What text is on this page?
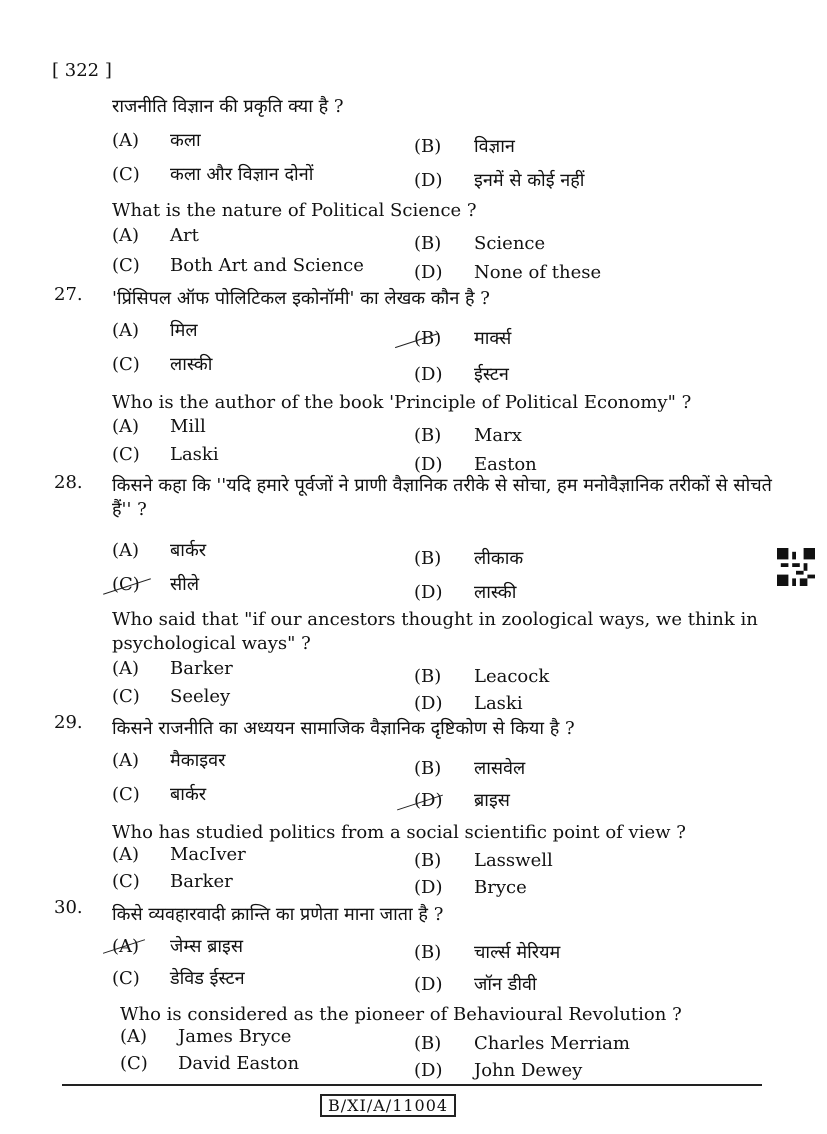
[ 322 ]
राजनीति विज्ञान की प्रकृति क्या है ?
(A) कला	(B) विज्ञान
(C) कला और विज्ञान दोनों	(D) इनमें से कोई नहीं
What is the nature of Political Science ?
(A) Art	(B) Science
(C) Both Art and Science	(D) None of these
27. 'प्रिंसिपल ऑफ पोलिटिकल इकोनॉमी' का लेखक कौन है ?
(A) मिल	(B) मार्क्स
(C) लास्की	(D) ईस्टन
Who is the author of the book 'Principle of Political Economy" ?
(A) Mill	(B) Marx
(C) Laski	(D) Easton
28. किसने कहा कि ''यदि हमारे पूर्वजों ने प्राणी वैज्ञानिक तरीके से सोचा, हम मनोवैज्ञानिक तरीकों से सोचते हैं'' ?
(A) बार्कर	(B) लीकाक
(C) सीले	(D) लास्की
Who said that "if our ancestors thought in zoological ways, we think in psychological ways" ?
(A) Barker	(B) Leacock
(C) Seeley	(D) Laski
29. किसने राजनीति का अध्ययन सामाजिक वैज्ञानिक दृष्टिकोण से किया है ?
(A) मैकाइवर	(B) लासवेल
(C) बार्कर	(D) ब्राइस
Who has studied politics from a social scientific point of view ?
(A) MacIver	(B) Lasswell
(C) Barker	(D) Bryce
30. किसे व्यवहारवादी क्रान्ति का प्रणेता माना जाता है ?
(A) जेम्स ब्राइस	(B) चार्ल्स मेरियम
(C) डेविड ईस्टन	(D) जॉन डीवी
Who is considered as the pioneer of Behavioural Revolution ?
(A) James Bryce	(B) Charles Merriam
(C) David Easton	(D) John Dewey
B/XI/A/11004
